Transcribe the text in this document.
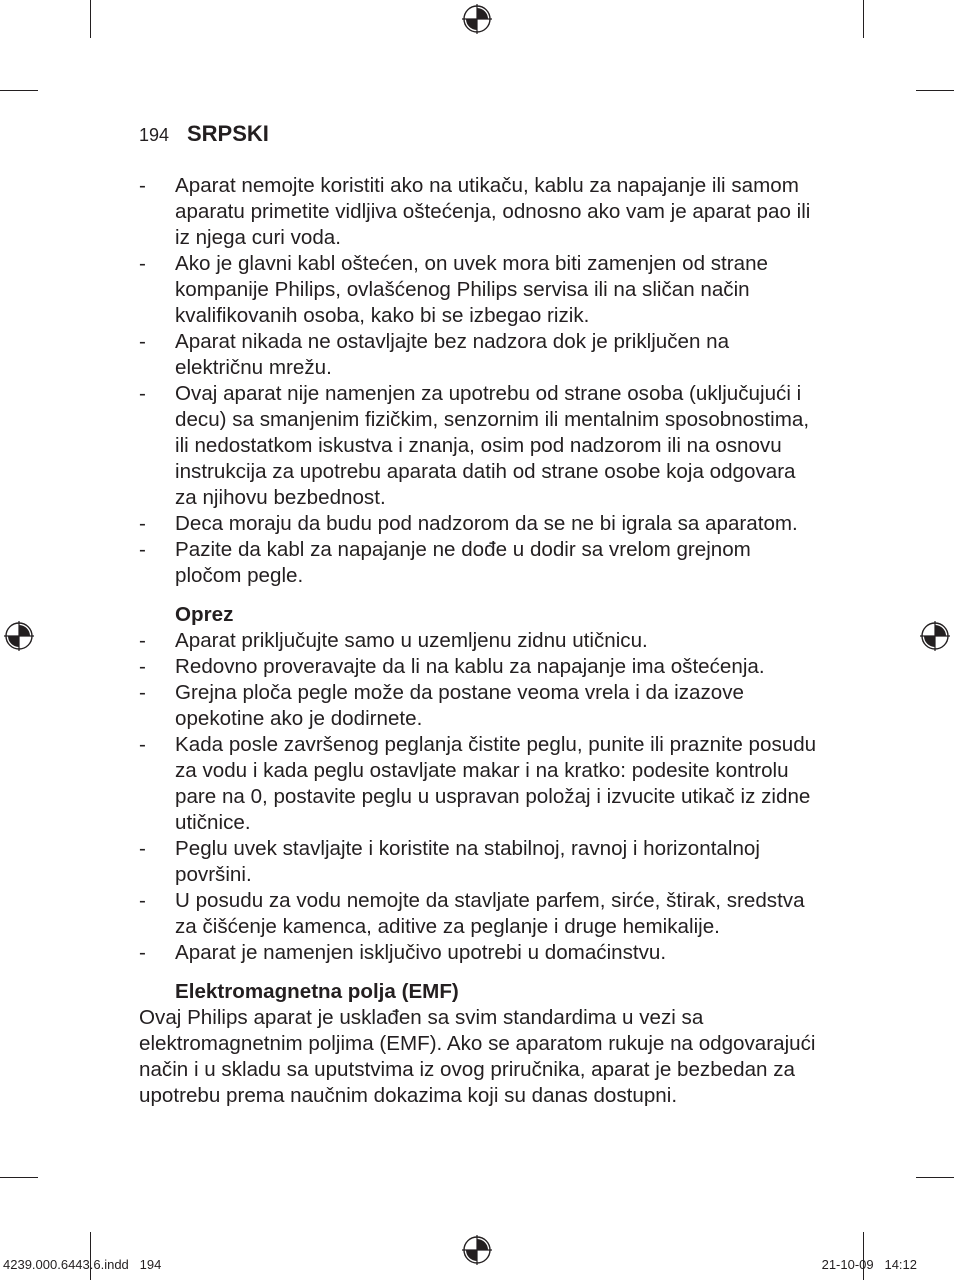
194 SRPSKI
-	Aparat nemojte koristiti ako na utikaču, kablu za napajanje ili samom aparatu primetite vidljiva oštećenja, odnosno ako vam je aparat pao ili iz njega curi voda.
-	Ako je glavni kabl oštećen, on uvek mora biti zamenjen od strane kompanije Philips, ovlašćenog Philips servisa ili na sličan način kvalifikovanih osoba, kako bi se izbegao rizik.
-	Aparat nikada ne ostavljajte bez nadzora dok je priključen na električnu mrežu.
-	Ovaj aparat nije namenjen za upotrebu od strane osoba (uključujući i decu) sa smanjenim fizičkim, senzornim ili mentalnim sposobnostima, ili nedostatkom iskustva i znanja, osim pod nadzorom ili na osnovu instrukcija za upotrebu aparata datih od strane osobe koja odgovara za njihovu bezbednost.
-	Deca moraju da budu pod nadzorom da se ne bi igrala sa aparatom.
-	Pazite da kabl za napajanje ne dođe u dodir sa vrelom grejnom pločom pegle.
Oprez
-	Aparat priključujte samo u uzemljenu zidnu utičnicu.
-	Redovno proveravajte da li na kablu za napajanje ima oštećenja.
-	Grejna ploča pegle može da postane veoma vrela i da izazove opekotine ako je dodirnete.
-	Kada posle završenog peglanja čistite peglu, punite ili praznite posudu za vodu i kada peglu ostavljate makar i na kratko: podesite kontrolu pare na 0, postavite peglu u uspravan položaj i izvucite utikač iz zidne utičnice.
-	Peglu uvek stavljajte i koristite na stabilnoj, ravnoj i horizontalnoj površini.
-	U posudu za vodu nemojte da stavljate parfem, sirće, štirak, sredstva za čišćenje kamenca, aditive za peglanje i druge hemikalije.
-	Aparat je namenjen isključivo upotrebi u domaćinstvu.
Elektromagnetna polja (EMF)
Ovaj Philips aparat je usklađen sa svim standardima u vezi sa elektromagnetnim poljima (EMF). Ako se aparatom rukuje na odgovarajući način i u skladu sa uputstvima iz ovog priručnika, aparat je bezbedan za upotrebu prema naučnim dokazima koji su danas dostupni.
4239.000.6443.6.indd   194	21-10-09   14:12
